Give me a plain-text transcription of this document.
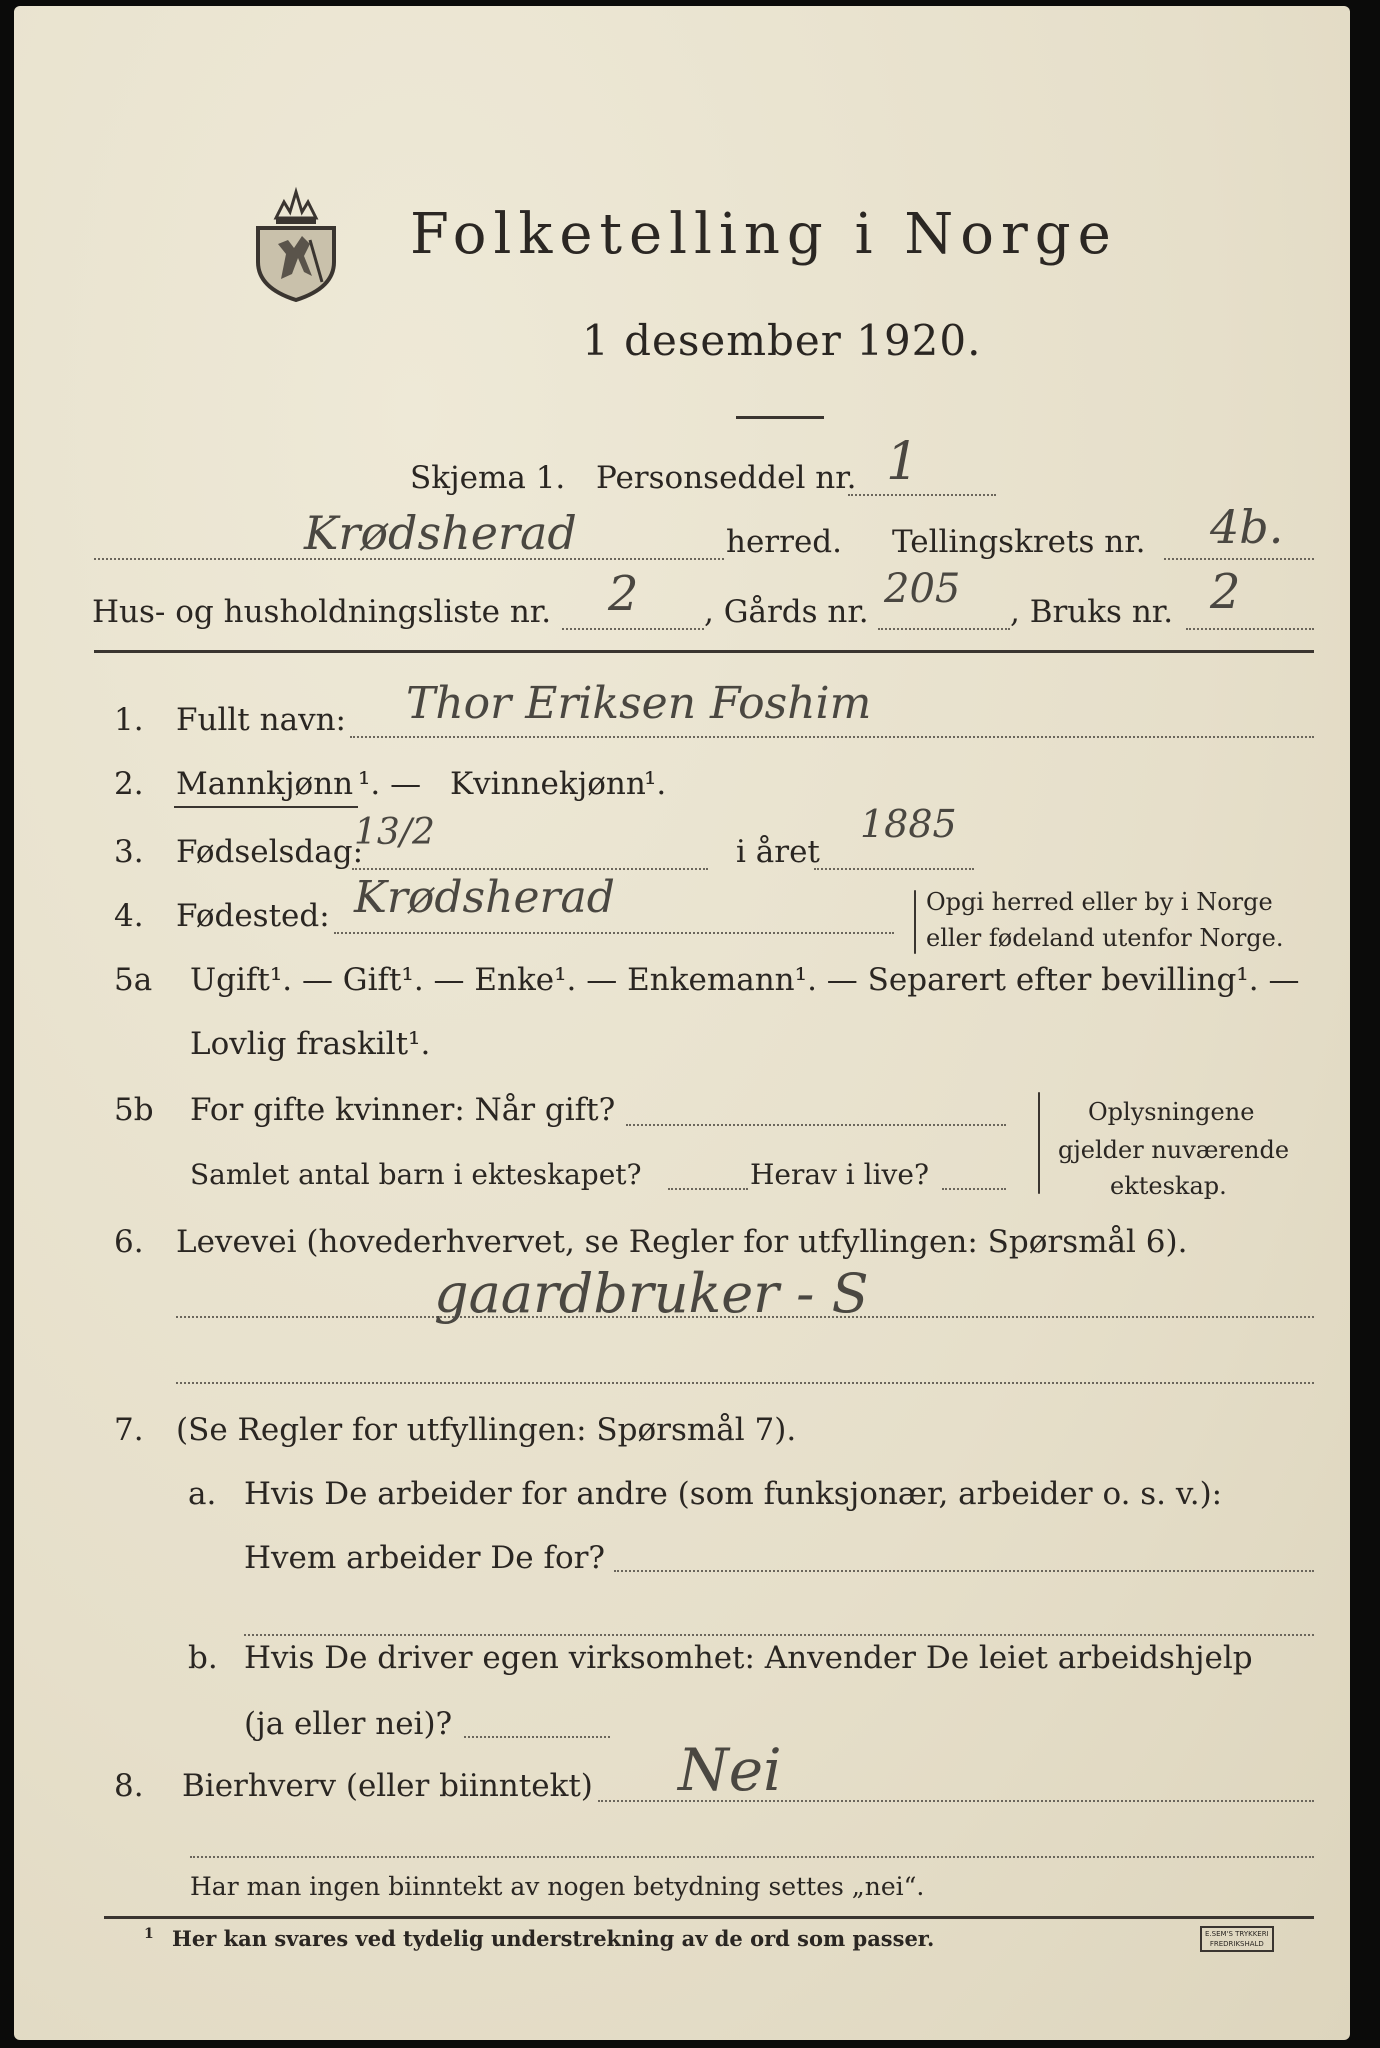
Folketelling i Norge
1 desember 1920.
Skjema 1. Personseddel nr. 1
Krødsherad	herred. Tellingskrets nr. 4b.
Hus- og husholdningsliste nr. 2 , Gårds nr. 205 , Bruks nr. 2
1. Fullt navn: Thor Eriksen Foshim
2. Mannkjønn ¹. — Kvinnekjønn
¹.
3. Fødselsdag:
13/2	i året
1885
4. Fødested: Krødsherad	Opgi herred eller by i Norge
eller fødeland utenfor Norge.
5a Ugift¹. — Gift¹. — Enke¹. — Enkemann¹. — Separert efter bevilling¹. —
Lovlig fraskilt¹.
5b For gifte kvinner: Når gift?
Samlet antal barn i ekteskapet?	Herav i live?
Oplysningene
gjelder nuværende
ekteskap.
6. Levevei (hovederhvervet, se Regler for utfyllingen: Spørsmål 6).
gaardbruker - S
7. (Se Regler for utfyllingen: Spørsmål 7).
a. Hvis De arbeider for andre (som funksjonær, arbeider o. s. v.):
Hvem arbeider De for?
b. Hvis De driver egen virksomhet: Anvender De leiet arbeidshjelp
(ja eller nei)?
8. Bierhverv (eller biinntekt) Nei
Har man ingen biinntekt av nogen betydning settes „nei“.
1 Her kan svares ved tydelig understrekning av de ord som passer.	E.SEM'S TRYKKERI
FREDRIKSHALD
